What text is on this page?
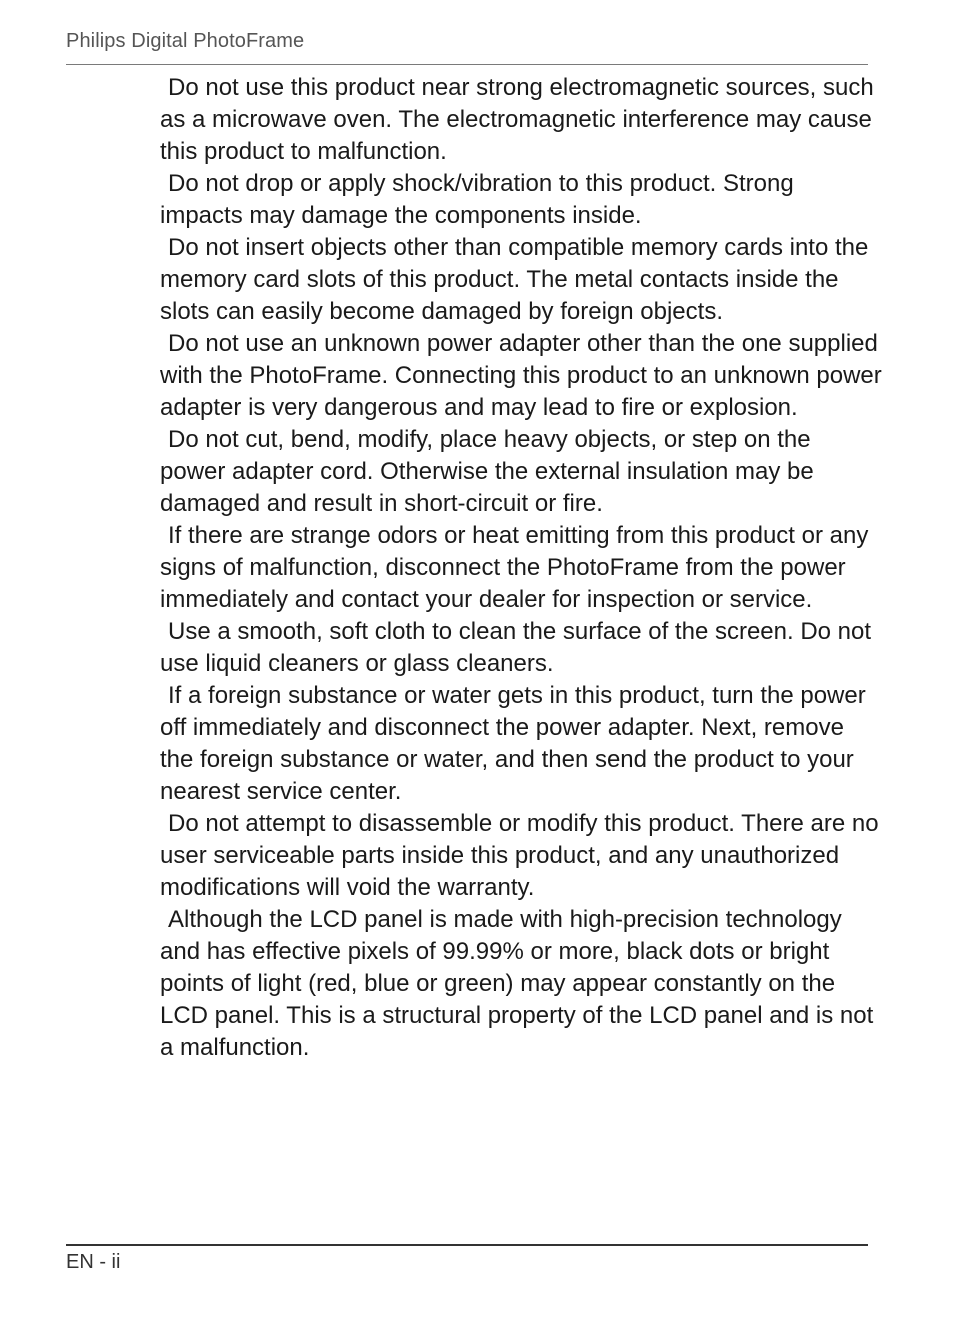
Philips Digital PhotoFrame

Do not use this product near strong electromagnetic sources, such as a microwave oven. The electromagnetic interference may cause this product to malfunction.

Do not drop or apply shock/vibration to this product. Strong impacts may damage the components inside.

Do not insert objects other than compatible memory cards into the memory card slots of this product. The metal contacts inside the slots can easily become damaged by foreign objects.

Do not use an unknown power adapter other than the one supplied with the PhotoFrame. Connecting this product to an unknown power adapter is very dangerous and may lead to fire or explosion.

Do not cut, bend, modify, place heavy objects, or step on the power adapter cord. Otherwise the external insulation may be damaged and result in short-circuit or fire.

If there are strange odors or heat emitting from this product or any signs of malfunction, disconnect the PhotoFrame from the power immediately and contact your dealer for inspection or service.

Use a smooth, soft cloth to clean the surface of the screen. Do not use liquid cleaners or glass cleaners.

If a foreign substance or water gets in this product, turn the power off immediately and disconnect the power adapter. Next, remove the foreign substance or water, and then send the product to your nearest service center.

Do not attempt to disassemble or modify this product. There are no user serviceable parts inside this product, and any unauthorized modifications will void the warranty.

Although the LCD panel is made with high-precision technology and has effective pixels of 99.99% or more, black dots or bright points of light (red, blue or green) may appear constantly on the LCD panel. This is a structural property of the LCD panel and is not a malfunction.

EN - ii
